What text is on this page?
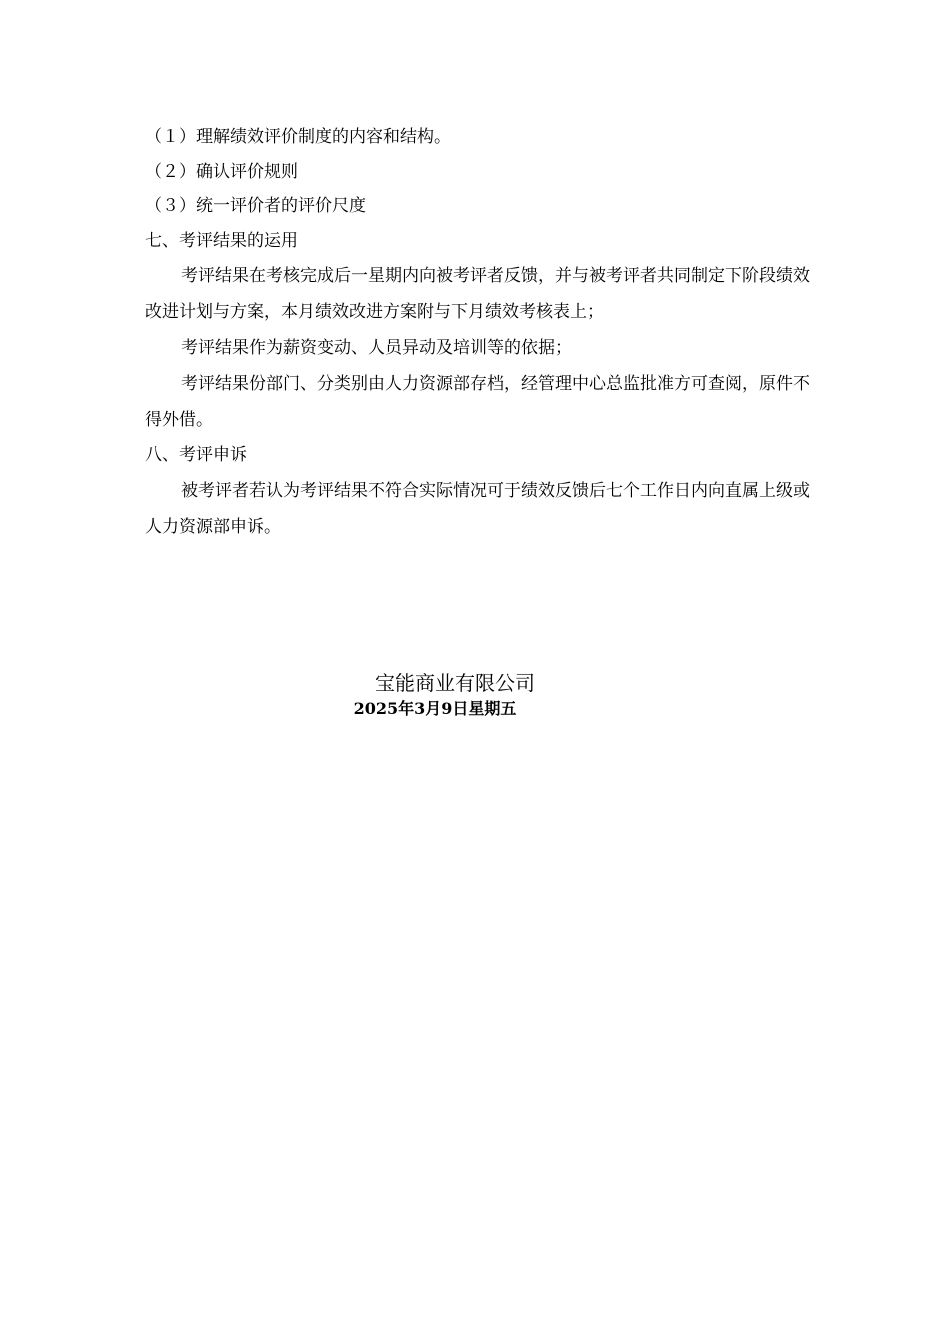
（１）理解绩效评价制度的内容和结构。

（２）确认评价规则

（３）统一评价者的评价尺度

七、考评结果的运用

考评结果在考核完成后一星期内向被考评者反馈，并与被考评者共同制定下阶段绩效改进计划与方案，本月绩效改进方案附与下月绩效考核表上；

考评结果作为薪资变动、人员异动及培训等的依据；

考评结果份部门、分类别由人力资源部存档，经管理中心总监批准方可查阅，原件不得外借。

八、考评申诉

被考评者若认为考评结果不符合实际情况可于绩效反馈后七个工作日内向直属上级或人力资源部申诉。

宝能商业有限公司

2025年3月9日星期五
